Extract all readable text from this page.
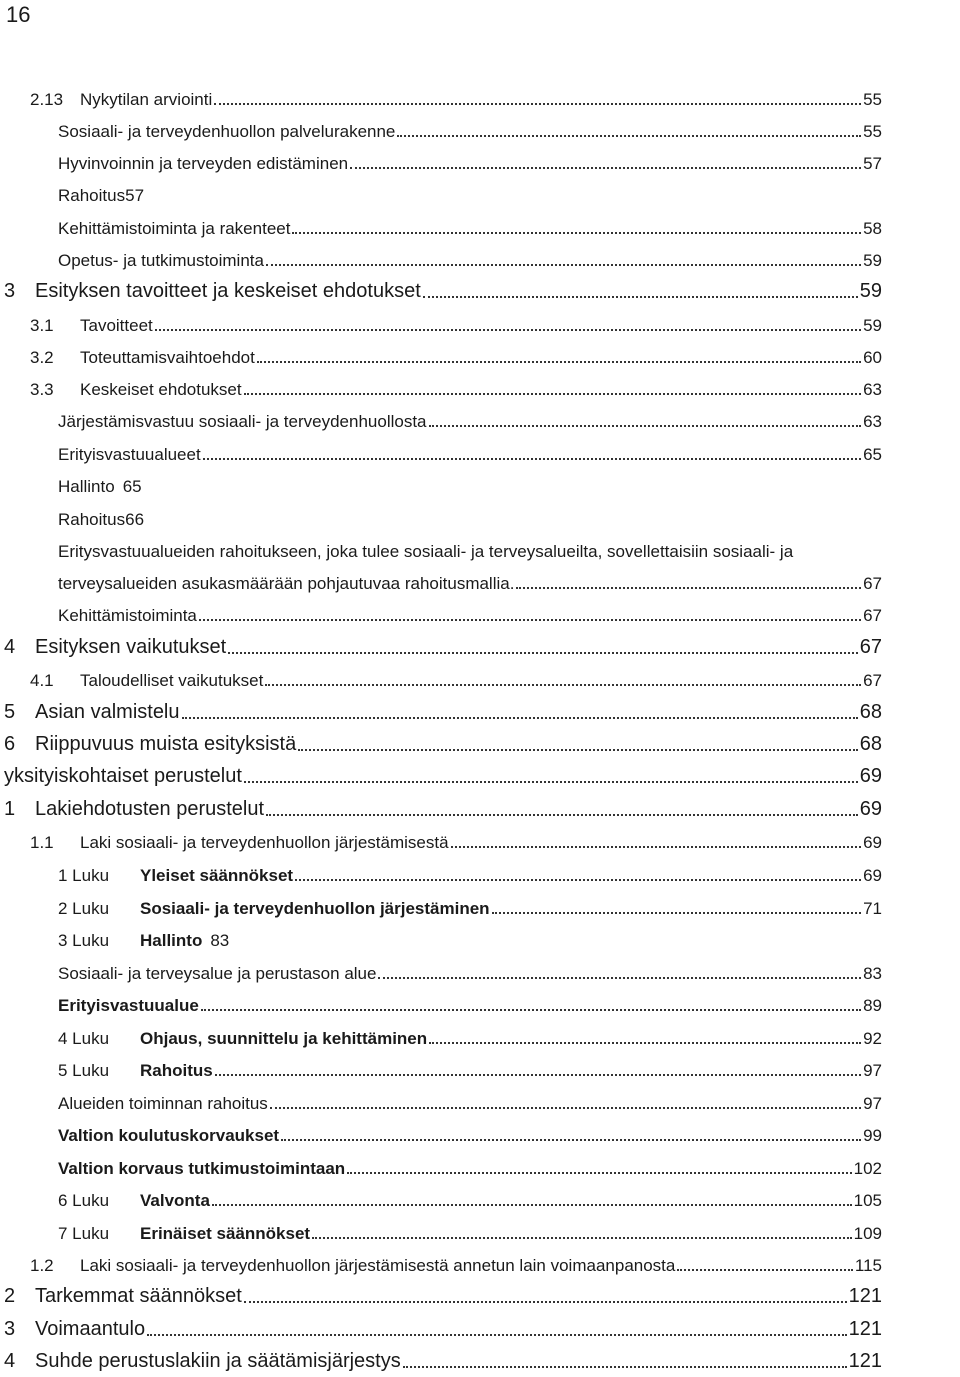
16
2.13 Nykytilan arviointi	55
Sosiaali- ja terveydenhuollon palvelurakenne	55
Hyvinvoinnin ja terveyden edistäminen	57
Rahoitus 57
Kehittämistoiminta ja rakenteet	58
Opetus- ja tutkimustoiminta	59
3 Esityksen tavoitteet ja keskeiset ehdotukset	59
3.1 Tavoitteet	59
3.2 Toteuttamisvaihtoehdot	60
3.3 Keskeiset ehdotukset	63
Järjestämisvastuu sosiaali- ja terveydenhuollosta	63
Erityisvastuualueet	65
Hallinto 65
Rahoitus 66
Eritysvastuualueiden rahoitukseen, joka tulee sosiaali- ja terveysalueilta, sovellettaisiin sosiaali- ja
terveysalueiden asukasmäärään pohjautuvaa rahoitusmallia.	67
Kehittämistoiminta	67
4 Esityksen vaikutukset	67
4.1 Taloudelliset vaikutukset	67
5 Asian valmistelu	68
6 Riippuvuus muista esityksistä	68
yksityiskohtaiset perustelut	69
1 Lakiehdotusten perustelut	69
1.1 Laki sosiaali- ja terveydenhuollon järjestämisestä	69
1 Luku Yleiset säännökset	69
2 Luku Sosiaali- ja terveydenhuollon järjestäminen	71
3 Luku Hallinto 83
Sosiaali- ja terveysalue ja perustason alue	83
Erityisvastuualue	89
4 Luku Ohjaus, suunnittelu ja kehittäminen	92
5 Luku Rahoitus	97
Alueiden toiminnan rahoitus	97
Valtion koulutuskorvaukset	99
Valtion korvaus tutkimustoimintaan	102
6 Luku Valvonta	105
7 Luku Erinäiset säännökset	109
1.2 Laki sosiaali- ja terveydenhuollon järjestämisestä annetun lain voimaanpanosta	115
2 Tarkemmat säännökset	121
3 Voimaantulo	121
4 Suhde perustuslakiin ja säätämisjärjestys	121
